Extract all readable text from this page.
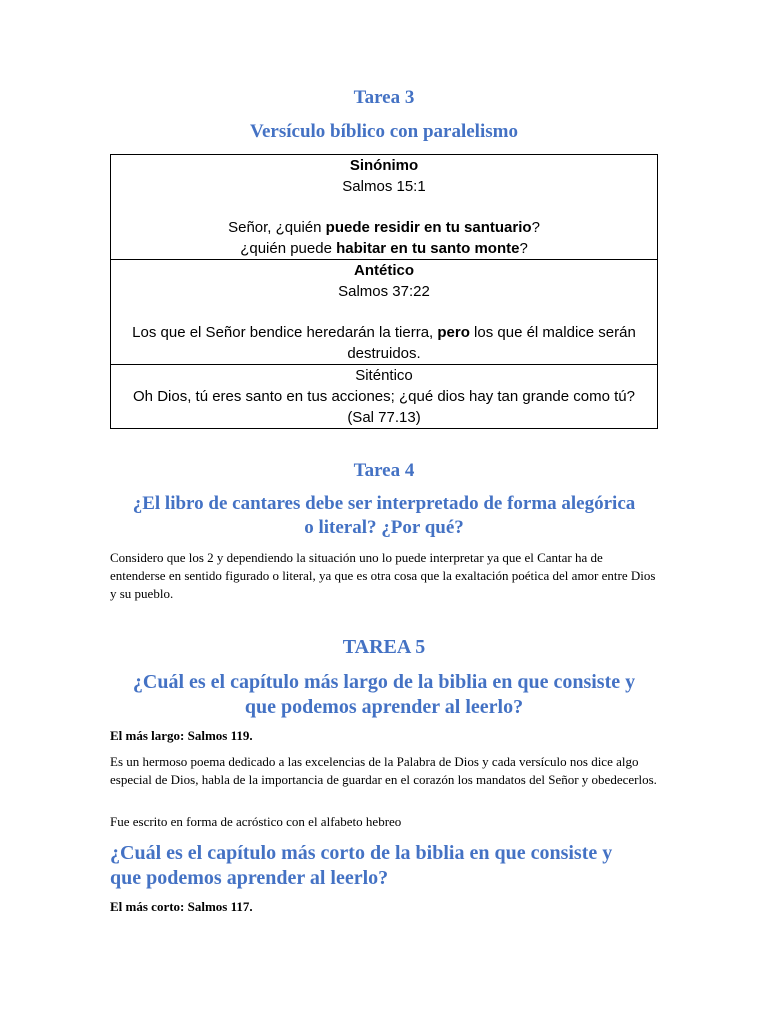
Tarea 3
Versículo bíblico con paralelismo
Sinónimo
Salmos 15:1
Señor, ¿quién puede residir en tu santuario?
¿quién puede habitar en tu santo monte?

Antético
Salmos 37:22
Los que el Señor bendice heredarán la tierra, pero los que él maldice serán destruidos.

Siténtico
Oh Dios, tú eres santo en tus acciones; ¿qué dios hay tan grande como tú? (Sal 77.13)
Tarea 4
¿El libro de cantares debe ser interpretado de forma alegórica
o literal? ¿Por qué?

Considero que los 2 y dependiendo la situación uno lo puede interpretar ya que el Cantar ha de entenderse en sentido figurado o literal, ya que es otra cosa que la exaltación poética del amor entre Dios y su pueblo.

TAREA 5
¿Cuál es el capítulo más largo de la biblia en que consiste y
que podemos aprender al leerlo?

El más largo: Salmos 119.

Es un hermoso poema dedicado a las excelencias de la Palabra de Dios y cada versículo nos dice algo especial de Dios, habla de la importancia de guardar en el corazón los mandatos del Señor y obedecerlos.

Fue escrito en forma de acróstico con el alfabeto hebreo

¿Cuál es el capítulo más corto de la biblia en que consiste y
que podemos aprender al leerlo?

El más corto: Salmos 117.
